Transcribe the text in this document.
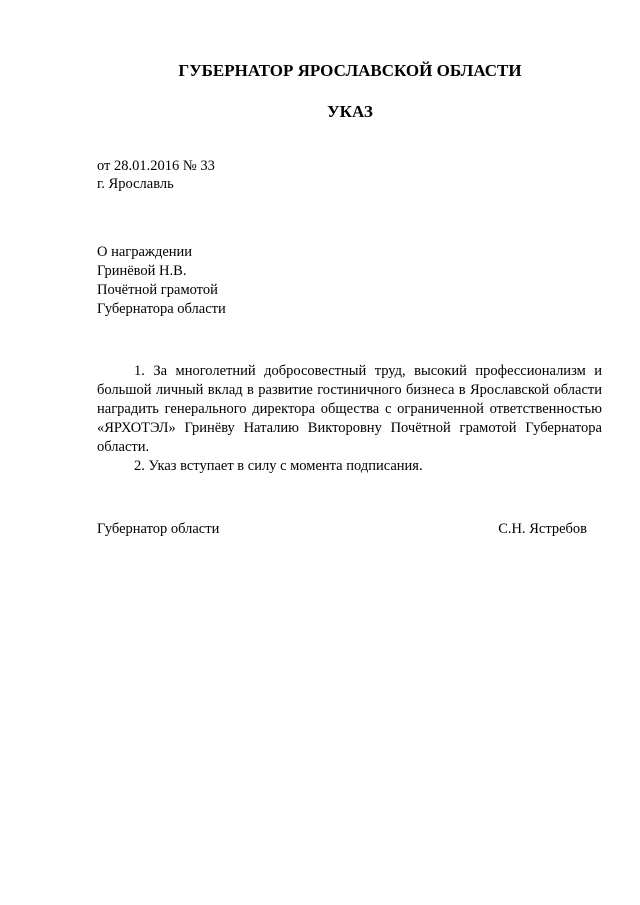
ГУБЕРНАТОР ЯРОСЛАВСКОЙ ОБЛАСТИ
УКАЗ
от 28.01.2016 № 33
г. Ярославль
О награждении
Гринёвой Н.В.
Почётной грамотой
Губернатора области

1. За многолетний добросовестный труд, высокий профессионализм и большой личный вклад в развитие гостиничного бизнеса в Ярославской области наградить генерального директора общества с ограниченной ответственностью «ЯРХОТЭЛ» Гринёву Наталию Викторовну Почётной грамотой Губернатора области.

2. Указ вступает в силу с момента подписания.

Губернатор области	С.Н. Ястребов
